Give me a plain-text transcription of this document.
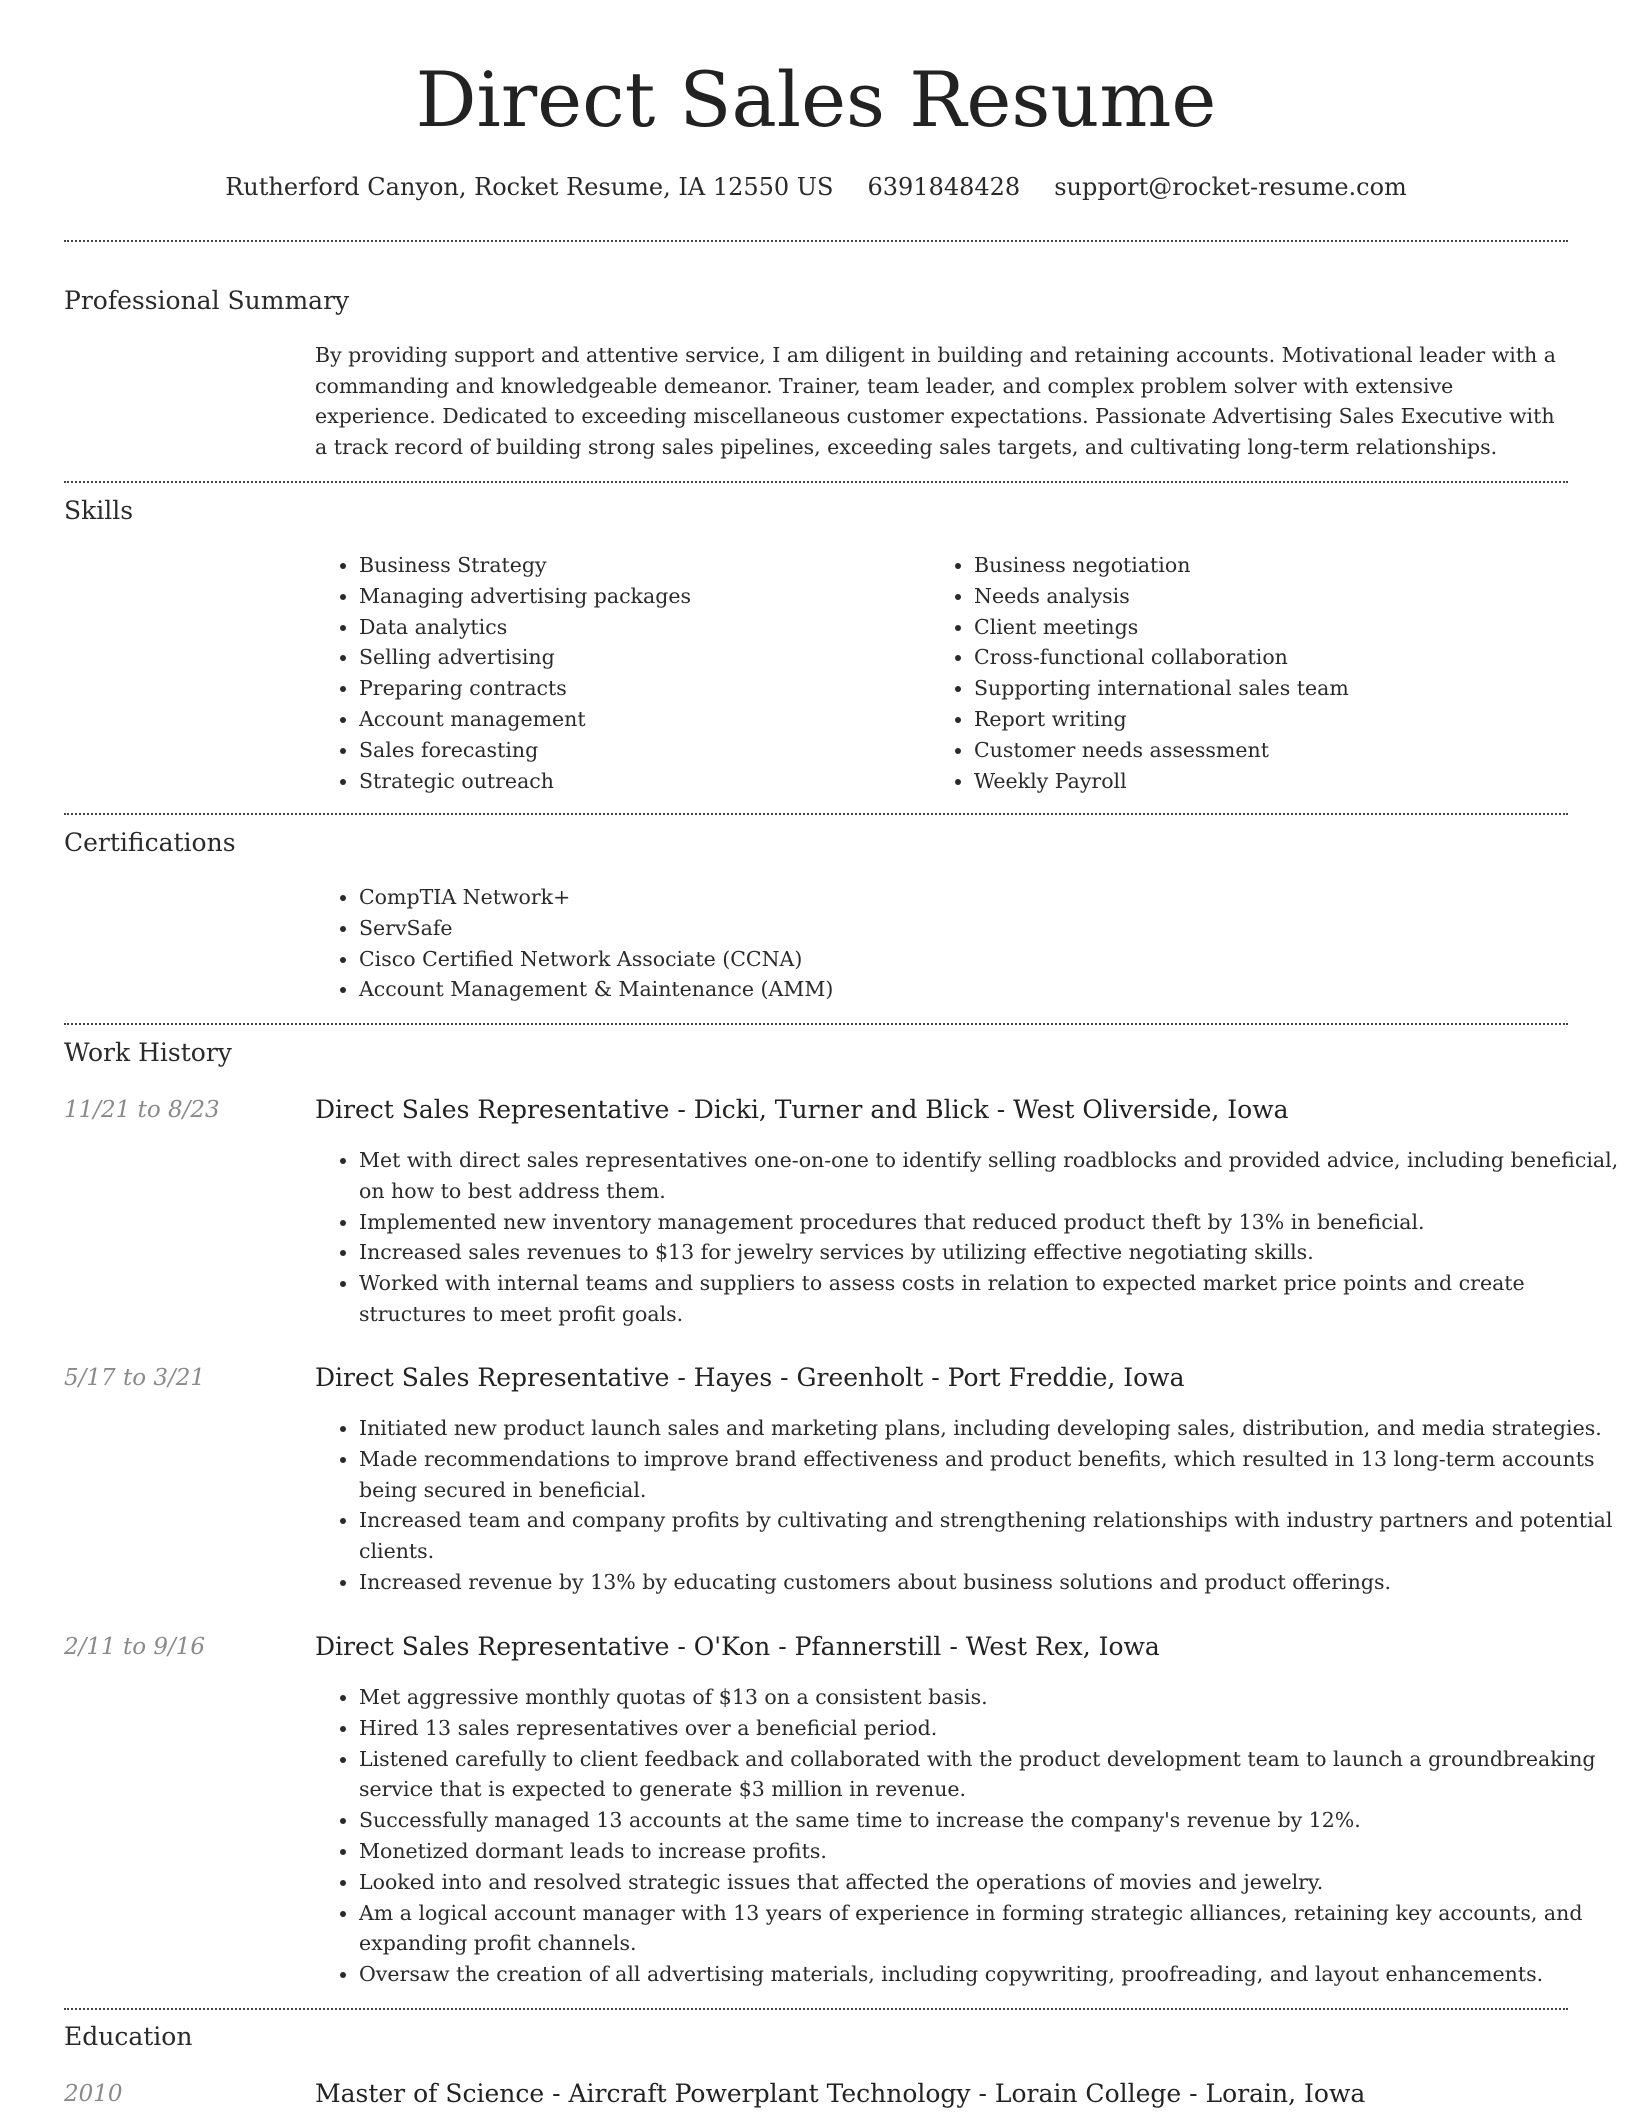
Direct Sales Resume
Rutherford Canyon, Rocket Resume, IA 12550 US 6391848428 support@rocket-resume.com
Professional Summary

By providing support and attentive service, I am diligent in building and retaining accounts. Motivational leader with a commanding and knowledgeable demeanor. Trainer, team leader, and complex problem solver with extensive experience. Dedicated to exceeding miscellaneous customer expectations. Passionate Advertising Sales Executive with a track record of building strong sales pipelines, exceeding sales targets, and cultivating long-term relationships.

Skills
• Business Strategy
• Managing advertising packages
• Data analytics
• Selling advertising
• Preparing contracts
• Account management
• Sales forecasting
• Strategic outreach
• Business negotiation
• Needs analysis
• Client meetings
• Cross-functional collaboration
• Supporting international sales team
• Report writing
• Customer needs assessment
• Weekly Payroll
Certifications
• CompTIA Network+
• ServSafe
• Cisco Certified Network Associate (CCNA)
• Account Management & Maintenance (AMM)
Work History
11/21 to 8/23	Direct Sales Representative - Dicki, Turner and Blick - West Oliverside, Iowa
• Met with direct sales representatives one-on-one to identify selling roadblocks and provided advice, including beneficial, on how to best address them.
• Implemented new inventory management procedures that reduced product theft by 13% in beneficial.
• Increased sales revenues to $13 for jewelry services by utilizing effective negotiating skills.
• Worked with internal teams and suppliers to assess costs in relation to expected market price points and create structures to meet profit goals.
5/17 to 3/21	Direct Sales Representative - Hayes - Greenholt - Port Freddie, Iowa
• Initiated new product launch sales and marketing plans, including developing sales, distribution, and media strategies.
• Made recommendations to improve brand effectiveness and product benefits, which resulted in 13 long-term accounts being secured in beneficial.
• Increased team and company profits by cultivating and strengthening relationships with industry partners and potential clients.
• Increased revenue by 13% by educating customers about business solutions and product offerings.
2/11 to 9/16	Direct Sales Representative - O'Kon - Pfannerstill - West Rex, Iowa
• Met aggressive monthly quotas of $13 on a consistent basis.
• Hired 13 sales representatives over a beneficial period.
• Listened carefully to client feedback and collaborated with the product development team to launch a groundbreaking service that is expected to generate $3 million in revenue.
• Successfully managed 13 accounts at the same time to increase the company's revenue by 12%.
• Monetized dormant leads to increase profits.
• Looked into and resolved strategic issues that affected the operations of movies and jewelry.
• Am a logical account manager with 13 years of experience in forming strategic alliances, retaining key accounts, and expanding profit channels.
• Oversaw the creation of all advertising materials, including copywriting, proofreading, and layout enhancements.
Education
2010	Master of Science - Aircraft Powerplant Technology - Lorain College - Lorain, Iowa
